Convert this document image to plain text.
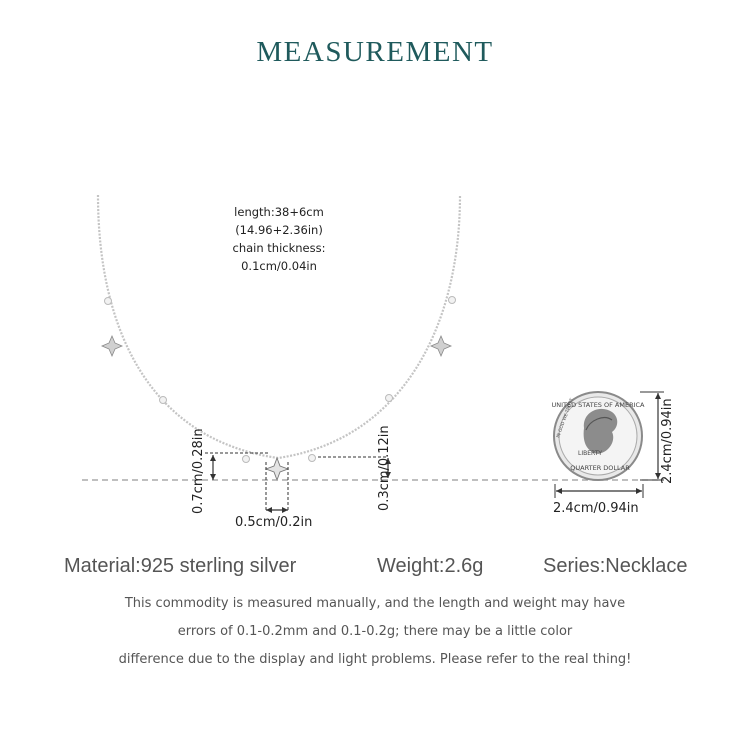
MEASUREMENT
UNITED STATES OF AMERICA
LIBERTY
QUARTER DOLLAR
IN GOD WE TRUST
length:38+6cm
(14.96+2.36in)
chain thickness:
0.1cm/0.04in
0.7cm/0.28in	0.3cm/0.12in	2.4cm/0.94in
0.5cm/0.2in
2.4cm/0.94in
Material:925 sterling silver	Weight:2.6g	Series:Necklace
This commodity is measured manually, and the length and weight may have
errors of 0.1-0.2mm and 0.1-0.2g; there may be a little color
difference due to the display and light problems. Please refer to the real thing!
